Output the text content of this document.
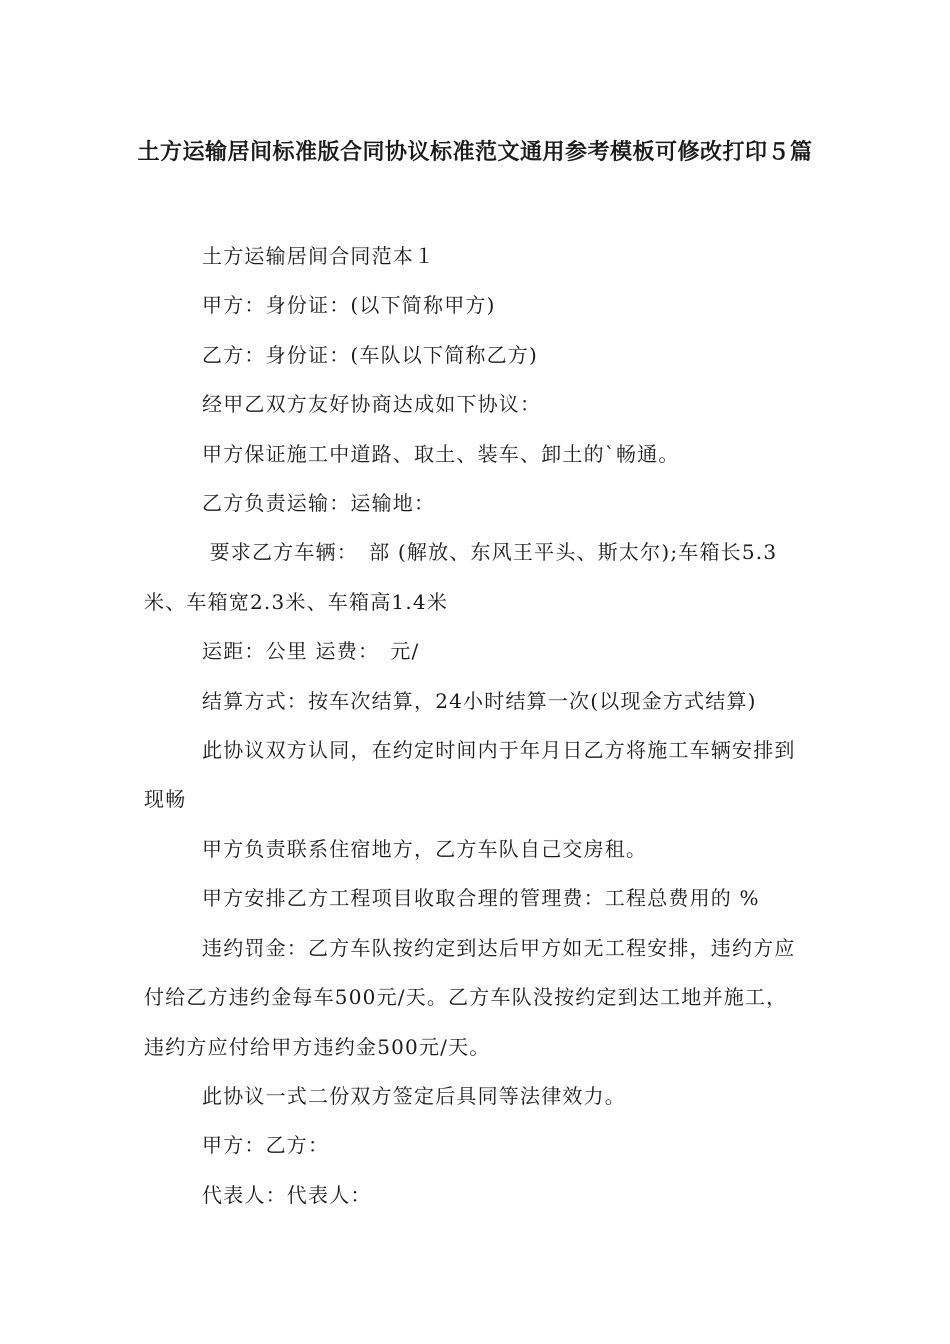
土方运输居间标准版合同协议标准范文通用参考模板可修改打印５篇

土方运输居间合同范本１

甲方：身份证：(以下简称甲方)

乙方：身份证：(车队以下简称乙方)

经甲乙双方友好协商达成如下协议：

甲方保证施工中道路、取土、装车、卸土的`畅通。

乙方负责运输：运输地：

要求乙方车辆：　部 (解放、东风王平头、斯太尔);车箱长5.3米、车箱宽2.3米、车箱高1.4米

运距：公里 运费：　元/

结算方式：按车次结算，24小时结算一次(以现金方式结算)

此协议双方认同，在约定时间内于年月日乙方将施工车辆安排到现畅

甲方负责联系住宿地方，乙方车队自己交房租。

甲方安排乙方工程项目收取合理的管理费：工程总费用的 %

违约罚金：乙方车队按约定到达后甲方如无工程安排，违约方应付给乙方违约金每车500元/天。乙方车队没按约定到达工地并施工，违约方应付给甲方违约金500元/天。

此协议一式二份双方签定后具同等法律效力。

甲方：乙方：

代表人：代表人：
